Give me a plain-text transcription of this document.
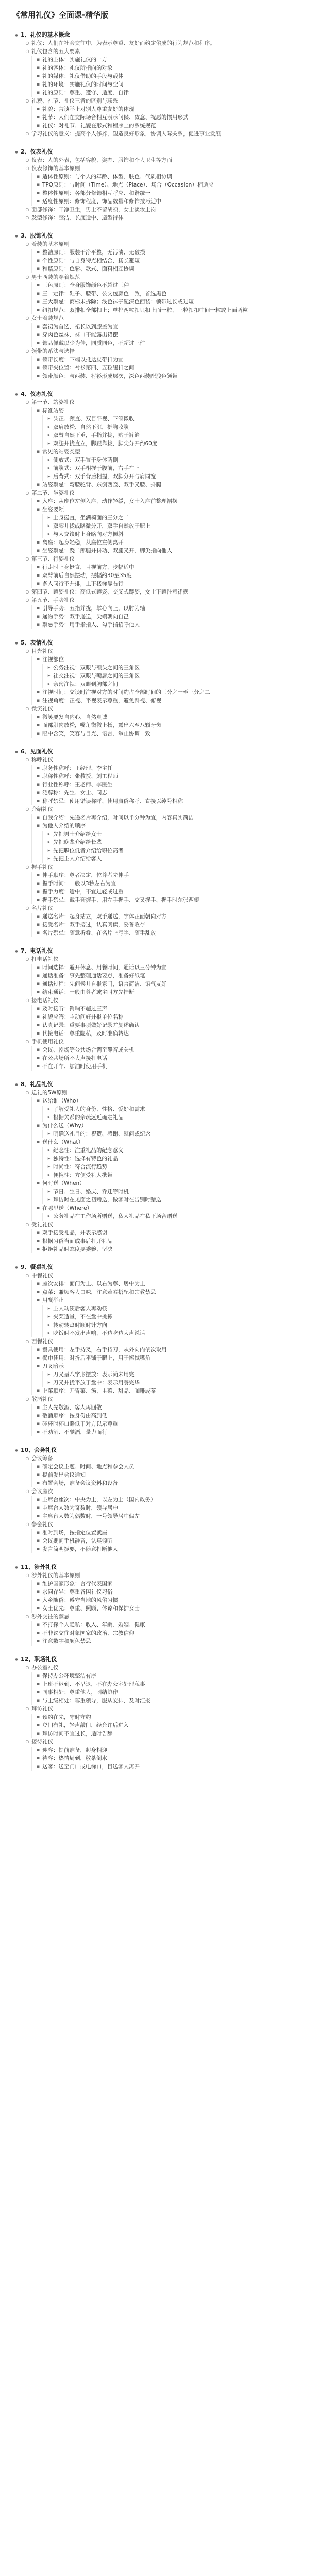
《常用礼仪》全面课-精华版
●
1、礼仪的基本概念
○
礼仪：人们在社会交往中，为表示尊重、友好而约定俗成的行为规范和程序。
○
礼仪包含的五大要素
▪
礼的主体：实施礼仪的一方
▪
礼的客体：礼仪所指向的对象
▪
礼的媒体：礼仪借助的手段与载体
▪
礼的环境：实施礼仪的时间与空间
▪
礼的原则：尊重、遵守、适度、自律
○
礼貌、礼节、礼仪三者的区别与联系
▪
礼貌：言谈举止对别人尊重友好的体现
▪
礼节：人们在交际场合相互表示问候、致意、祝愿的惯用形式
▪
礼仪：对礼节、礼貌在形式和程序上的系统规范
○
学习礼仪的意义：提高个人修养，塑造良好形象，协调人际关系，促进事业发展
●
2、仪表礼仪
○
仪表：人的外表，包括容貌、姿态、服饰和个人卫生等方面
○
仪表修饰的基本原则
▪
适体性原则：与个人的年龄、体型、肤色、气质相协调
▪
TPO原则：与时间（Time）、地点（Place）、场合（Occasion）相适应
▪
整体性原则：各部分修饰相互呼应、和谐统一
▪
适度性原则：修饰程度、饰品数量和修饰技巧适中
○
面部修饰：干净卫生，男士不留胡须，女士淡妆上岗
○
发型修饰：整洁、长度适中、造型得体
●
3、服饰礼仪
○
着装的基本原则
▪
整洁原则：服装干净平整，无污渍、无破损
▪
个性原则：与自身特点相结合，扬长避短
▪
和谐原则：色彩、款式、面料相互协调
○
男士西装的穿着规范
▪
三色原则：全身服饰颜色不超过三种
▪
三一定律：鞋子、腰带、公文包颜色一致，首选黑色
▪
三大禁忌：商标未拆除；浅色袜子配深色西装；领带过长或过短
▪
纽扣规范：双排扣全部扣上；单排两粒扣只扣上面一粒，三粒扣扣中间一粒或上面两粒
○
女士着装规范
▪
套裙为首选，裙长以到膝盖为宜
▪
穿肉色丝袜，袜口不能露出裙摆
▪
饰品佩戴以少为佳，同质同色，不超过三件
○
领带的系法与选择
▪
领带长度：下端以抵达皮带扣为宜
▪
领带夹位置：衬衫第四、五粒纽扣之间
▪
领带颜色：与西装、衬衫形成层次，深色西装配浅色领带
●
4、仪态礼仪
○
第一节、站姿礼仪
▪
标准站姿
▸
头正、颈直、双目平视、下颌微收
▸
双肩放松、自然下沉，挺胸收腹
▸
双臂自然下垂，手指并拢，贴于裤缝
▸
双腿并拢直立，脚跟靠拢，脚尖分开约60度
▪
常见的站姿类型
▸
侧放式：双手置于身体两侧
▸
前腹式：双手相握于腹前，右手在上
▸
后背式：双手背后相握，双脚分开与肩同宽
▪
站姿禁忌：弯腰驼背、东倒西歪、双手叉腰、抖腿
○
第二节、坐姿礼仪
▪
入座：从座位左侧入座，动作轻缓，女士入座前整理裙摆
▪
坐姿要领
▸
上身挺直，坐满椅面的三分之二
▸
双膝并拢或略微分开，双手自然放于腿上
▸
与人交谈时上身略向对方倾斜
▪
离座：起身轻稳，从座位左侧离开
▪
坐姿禁忌：跷二郎腿并抖动、双腿叉开、脚尖指向他人
○
第三节、行姿礼仪
▪
行走时上身挺直，目视前方，步幅适中
▪
双臂前后自然摆动，摆幅约30至35度
▪
多人同行不并排，上下楼梯靠右行
○
第四节、蹲姿礼仪：高低式蹲姿、交叉式蹲姿，女士下蹲注意裙摆
○
第五节、手势礼仪
▪
引导手势：五指并拢，掌心向上，以肘为轴
▪
递物手势：双手递送，尖端朝向自己
▪
禁忌手势：用手指指人、勾手指招呼他人
●
5、表情礼仪
○
目光礼仪
▪
注视部位
▸
公务注视：双眼与额头之间的三角区
▸
社交注视：双眼与嘴唇之间的三角区
▸
亲密注视：双眼到胸部之间
▪
注视时间：交谈时注视对方的时间约占全部时间的三分之一至三分之二
▪
注视角度：正视、平视表示尊重，避免斜视、俯视
○
微笑礼仪
▪
微笑要发自内心，自然真诚
▪
面部肌肉放松，嘴角微微上扬，露出六至八颗牙齿
▪
眼中含笑，笑容与目光、语言、举止协调一致
●
6、见面礼仪
○
称呼礼仪
▪
职务性称呼：王经理、李主任
▪
职称性称呼：张教授、刘工程师
▪
行业性称呼：王老师、李医生
▪
泛尊称：先生、女士、同志
▪
称呼禁忌：使用错误称呼、使用庸俗称呼、直接以绰号相称
○
介绍礼仪
▪
自我介绍：先递名片再介绍，时间以半分钟为宜，内容真实简洁
▪
为他人介绍的顺序
▸
先把男士介绍给女士
▸
先把晚辈介绍给长辈
▸
先把职位低者介绍给职位高者
▸
先把主人介绍给客人
○
握手礼仪
▪
伸手顺序：尊者决定，位尊者先伸手
▪
握手时间：一般以3秒左右为宜
▪
握手力度：适中，不宜过轻或过重
▪
握手禁忌：戴手套握手、用左手握手、交叉握手、握手时东张西望
○
名片礼仪
▪
递送名片：起身站立，双手递送，字体正面朝向对方
▪
接受名片：双手接过，认真阅读，妥善收存
▪
名片禁忌：随意折叠、在名片上写字、随手乱放
●
7、电话礼仪
○
打电话礼仪
▪
时间选择：避开休息、用餐时间，通话以三分钟为宜
▪
通话准备：事先整理通话要点，准备好纸笔
▪
通话过程：先问候并自报家门，语言简洁、语气友好
▪
结束通话：一般由尊者或主叫方先挂断
○
接电话礼仪
▪
及时接听：铃响不超过三声
▪
礼貌应答：主动问好并报单位名称
▪
认真记录：重要事项做好记录并复述确认
▪
代接电话：尊重隐私，及时准确转达
○
手机使用礼仪
▪
会议、剧场等公共场合调至静音或关机
▪
在公共场所不大声接打电话
▪
不在开车、加油时使用手机
●
8、礼品礼仪
○
送礼的5W原则
▪
送给谁（Who）
▸
了解受礼人的身份、性格、爱好和需求
▸
根据关系的亲疏远近确定礼品
▪
为什么送（Why）
▸
明确送礼目的：祝贺、感谢、慰问或纪念
▪
送什么（What）
▸
纪念性：注重礼品的纪念意义
▸
独特性：选择有特色的礼品
▸
时尚性：符合流行趋势
▸
便携性：方便受礼人携带
▪
何时送（When）
▸
节日、生日、婚庆、乔迁等时机
▸
拜访时在见面之初赠送，做客时在告别时赠送
▪
在哪里送（Where）
▸
公务礼品在工作场所赠送，私人礼品在私下场合赠送
○
受礼礼仪
▪
双手接受礼品，并表示感谢
▪
根据习俗当面或事后打开礼品
▪
拒绝礼品时态度要委婉、坚决
●
9、餐桌礼仪
○
中餐礼仪
▪
座次安排：面门为上、以右为尊、居中为上
▪
点菜：兼顾客人口味，注意荤素搭配和宗教禁忌
▪
用餐举止
▸
主人动筷后客人再动筷
▸
夹菜适量，不在盘中挑拣
▸
转动转盘时顺时针方向
▸
吃饭时不发出声响，不边吃边大声说话
○
西餐礼仪
▪
餐具使用：左手持叉，右手持刀，从外向内依次取用
▪
餐巾使用：对折后平铺于腿上，用于擦拭嘴角
▪
刀叉暗示
▸
刀叉呈八字形摆放：表示尚未用完
▸
刀叉并拢平放于盘中：表示用餐完毕
▪
上菜顺序：开胃菜、汤、主菜、甜品、咖啡或茶
○
敬酒礼仪
▪
主人先敬酒，客人再回敬
▪
敬酒顺序：按身份由高到低
▪
碰杯时杯口略低于对方以示尊重
▪
不劝酒、不酗酒，量力而行
●
10、会务礼仪
○
会议筹备
▪
确定会议主题、时间、地点和参会人员
▪
提前发出会议通知
▪
布置会场，准备会议资料和设备
○
会议座次
▪
主席台座次：中央为上，以左为上（国内政务）
▪
主席台人数为奇数时，领导居中
▪
主席台人数为偶数时，一号领导居中偏左
○
参会礼仪
▪
准时到场，按指定位置就座
▪
会议期间手机静音，认真倾听
▪
发言简明扼要，不随意打断他人
●
11、涉外礼仪
○
涉外礼仪的基本原则
▪
维护国家形象：言行代表国家
▪
求同存异：尊重各国礼仪习俗
▪
入乡随俗：遵守当地的风俗习惯
▪
女士优先：尊重、照顾、体谅和保护女士
○
涉外交往的禁忌
▪
不打探个人隐私：收入、年龄、婚姻、健康
▪
不非议交往对象国家的政治、宗教信仰
▪
注意数字和颜色禁忌
●
12、职场礼仪
○
办公室礼仪
▪
保持办公环境整洁有序
▪
上班不迟到、不早退，不在办公室处理私事
▪
同事相处：尊重他人，团结协作
▪
与上级相处：尊重领导，服从安排，及时汇报
○
拜访礼仪
▪
预约在先，守时守约
▪
登门有礼，轻声敲门，经允许后进入
▪
拜访时间不宜过长，适时告辞
○
接待礼仪
▪
迎客：提前准备，起身相迎
▪
待客：热情周到，敬茶倒水
▪
送客：送至门口或电梯口，目送客人离开
